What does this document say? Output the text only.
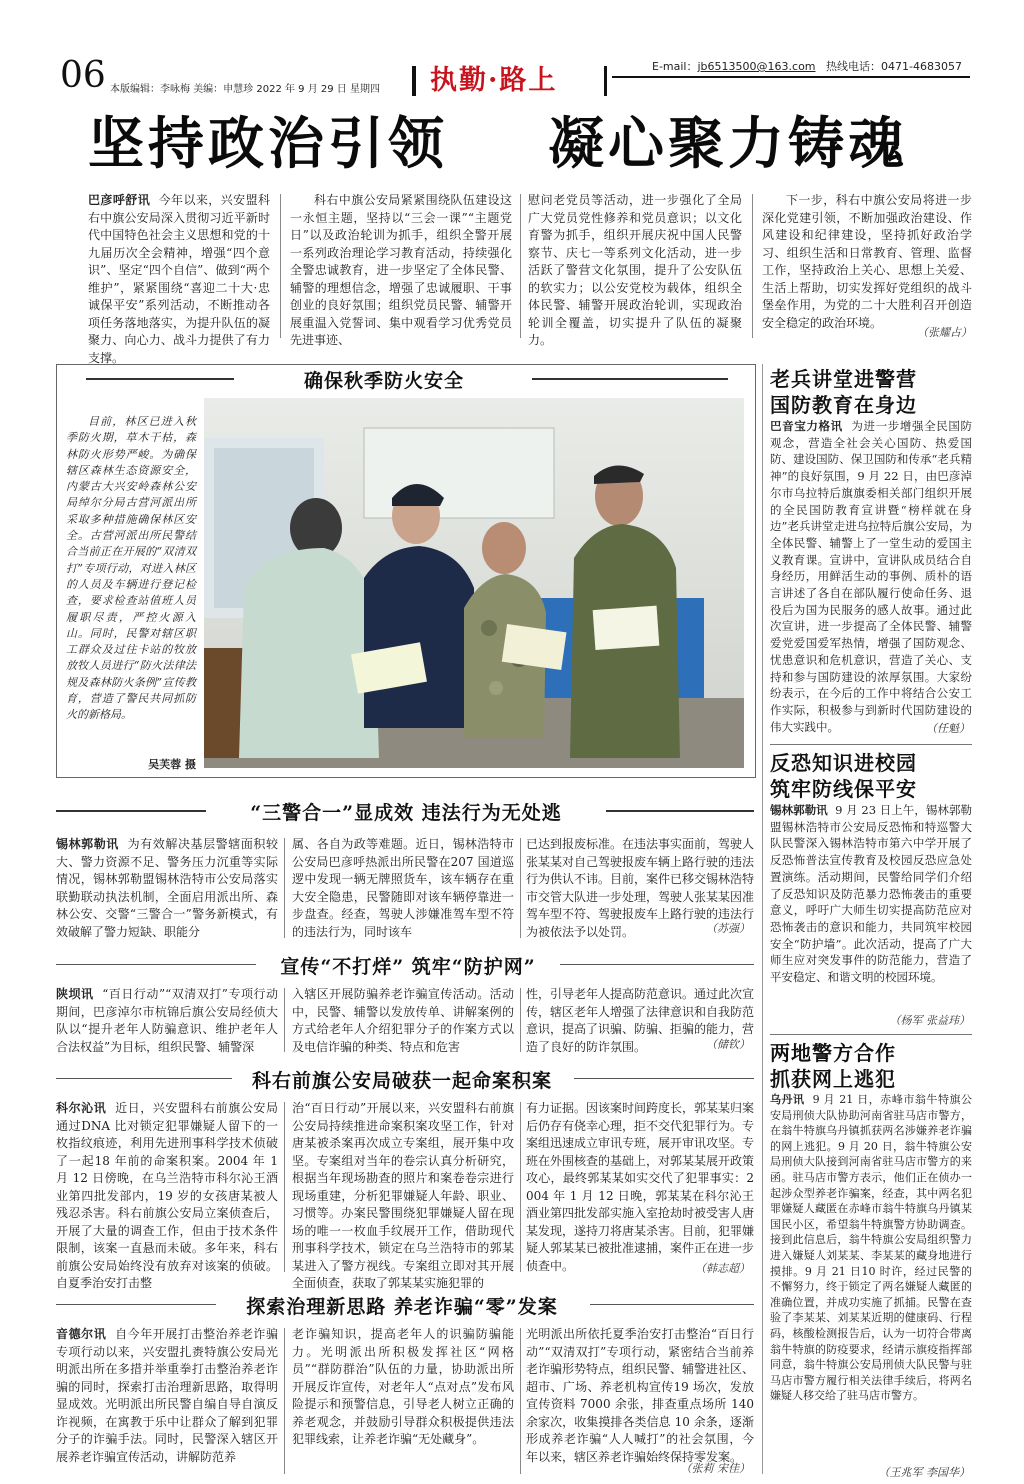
06 本版编辑：李咏梅 美编：申慧珍 2022 年 9 月 29 日 星期四 执勤·路上	E-mail：jb6513500@163.com 热线电话：0471-4683057
坚持政治引领 凝心聚力铸魂
巴彦呼舒讯 今年以来，兴安盟科右中旗公安局深入贯彻习近平新时代中国特色社会主义思想和党的十九届历次全会精神，增强“四个意识”、坚定“四个自信”、做到“两个维护”，紧紧围绕“喜迎二十大·忠诚保平安”系列活动，不断推动各项任务落地落实，为提升队伍的凝聚力、向心力、战斗力提供了有力支撑。
科右中旗公安局紧紧围绕队伍建设这一永恒主题，坚持以“三会一课”“主题党日”以及政治轮训为抓手，组织全警开展一系列政治理论学习教育活动，持续强化全警忠诚教育，进一步坚定了全体民警、辅警的理想信念，增强了忠诚履职、干事创业的良好氛围；组织党员民警、辅警开展重温入党誓词、集中观看学习优秀党员先进事迹、
慰问老党员等活动，进一步强化了全局广大党员党性修养和党员意识；以文化育警为抓手，组织开展庆祝中国人民警察节、庆七一等系列文化活动，进一步活跃了警营文化氛围，提升了公安队伍的软实力；以公安党校为载体，组织全体民警、辅警开展政治轮训，实现政治轮训全覆盖，切实提升了队伍的凝聚力。
下一步，科右中旗公安局将进一步深化党建引领，不断加强政治建设、作风建设和纪律建设，坚持抓好政治学习、组织生活和日常教育、管理、监督工作，坚持政治上关心、思想上关爱、生活上帮助，切实发挥好党组织的战斗堡垒作用，为党的二十大胜利召开创造安全稳定的政治环境。
（张耀占）
确保秋季防火安全
目前，林区已进入秋季防火期，草木干枯，森林防火形势严峻。为确保辖区森林生态资源安全，内蒙古大兴安岭森林公安局绰尔分局古营河派出所采取多种措施确保林区安全。古营河派出所民警结合当前正在开展的“双清双打”专项行动，对进入林区的人员及车辆进行登记检查，要求检查站值班人员履职尽责，严控火源入山。同时，民警对辖区职工群众及过往卡站的牧放放牧人员进行“防火法律法规及森林防火条例”宣传教育，营造了警民共同抓防火的新格局。
吴芙蓉 摄
“三警合一”显成效 违法行为无处逃
锡林郭勒讯 为有效解决基层警辖面积较大、警力资源不足、警务压力沉重等实际情况，锡林郭勒盟锡林浩特市公安局落实联勤联动执法机制，全面启用派出所、森林公安、交警“三警合一”警务新模式，有效破解了警力短缺、职能分
属、各自为政等难题。近日，锡林浩特市公安局巴彦呼热派出所民警在207 国道巡逻中发现一辆无牌照货车，该车辆存在重大安全隐患，民警随即对该车辆停靠进一步盘查。经查，驾驶人涉嫌准驾车型不符的违法行为，同时该车
已达到报废标准。在违法事实面前，驾驶人张某某对自己驾驶报废车辆上路行驶的违法行为供认不讳。目前，案件已移交锡林浩特市交管大队进一步处理，驾驶人张某某因准驾车型不符、驾驶报废车上路行驶的违法行为被依法予以处罚。	（苏强）
宣传“不打烊” 筑牢“防护网”
陕坝讯 “百日行动”“双清双打”专项行动期间，巴彦淖尔市杭锦后旗公安局经侦大队以“提升老年人防骗意识、维护老年人合法权益”为目标，组织民警、辅警深
入辖区开展防骗养老诈骗宣传活动。活动中，民警、辅警以发放传单、讲解案例的方式给老年人介绍犯罪分子的作案方式以及电信诈骗的种类、特点和危害
性，引导老年人提高防范意识。通过此次宣传，辖区老年人增强了法律意识和自我防范意识，提高了识骗、防骗、拒骗的能力，营造了良好的防诈氛围。	（储钦）
科右前旗公安局破获一起命案积案
科尔沁讯 近日，兴安盟科右前旗公安局通过DNA 比对锁定犯罪嫌疑人留下的一枚指纹痕迹，利用先进刑事科学技术侦破了一起18 年前的命案积案。2004 年 1 月 12 日傍晚，在乌兰浩特市科尔沁王酒业第四批发部内，19 岁的女孩唐某被人残忍杀害。科右前旗公安局立案侦查后，开展了大量的调查工作，但由于技术条件限制，该案一直悬而未破。多年来，科右前旗公安局始终没有放弃对该案的侦破。自夏季治安打击整
治“百日行动”开展以来，兴安盟科右前旗公安局持续推进命案积案攻坚工作，针对唐某被杀案再次成立专案组，展开集中攻坚。专案组对当年的卷宗认真分析研究，根据当年现场勘查的照片和案卷卷宗进行现场重建，分析犯罪嫌疑人年龄、职业、习惯等。办案民警围绕犯罪嫌疑人留在现场的唯一一枚血手纹展开工作，借助现代刑事科学技术，锁定在乌兰浩特市的郭某某进入了警方视线。专案组立即对其开展全面侦查，获取了郭某某实施犯罪的
有力证据。因该案时间跨度长，郭某某归案后仍存有侥幸心理，拒不交代犯罪行为。专案组迅速成立审讯专班，展开审讯攻坚。专班在外围核查的基础上，对郭某某展开政策攻心，最终郭某某如实交代了犯罪事实：2004 年 1 月 12 日晚，郭某某在科尔沁王酒业第四批发部实施入室抢劫时被受害人唐某发现，遂持刀将唐某杀害。目前，犯罪嫌疑人郭某某已被批准逮捕，案件正在进一步侦查中。	（韩志超）
探索治理新思路 养老诈骗“零”发案
音德尔讯 自今年开展打击整治养老诈骗专项行动以来，兴安盟扎赉特旗公安局光明派出所在多措并举重拳打击整治养老诈骗的同时，探索打击治理新思路，取得明显成效。光明派出所民警自编自导自演反诈视频，在寓教于乐中让群众了解到犯罪分子的诈骗手法。同时，民警深入辖区开展养老诈骗宣传活动，讲解防范养
老诈骗知识，提高老年人的识骗防骗能力。光明派出所积极发挥社区“网格员”“群防群治”队伍的力量，协助派出所开展反诈宣传，对老年人“点对点”发布风险提示和预警信息，引导老人树立正确的养老观念，并鼓励引导群众积极提供违法犯罪线索，让养老诈骗“无处藏身”。
光明派出所依托夏季治安打击整治“百日行动”“双清双打”专项行动，紧密结合当前养老诈骗形势特点，组织民警、辅警进社区、超市、广场、养老机构宣传19 场次，发放宣传资料 7000 余张，排查重点场所 140 余家次，收集摸排各类信息 10 余条，逐渐形成养老诈骗“人人喊打”的社会氛围，今年以来，辖区养老诈骗始终保持零发案。
（张莉 宋佳）
老兵讲堂进警营
国防教育在身边
巴音宝力格讯 为进一步增强全民国防观念，营造全社会关心国防、热爱国防、建设国防、保卫国防和传承“老兵精神”的良好氛围，9 月 22 日，由巴彦淖尔市乌拉特后旗旗委相关部门组织开展的全民国防教育宣讲暨“榜样就在身边”老兵讲堂走进乌拉特后旗公安局，为全体民警、辅警上了一堂生动的爱国主义教育课。宣讲中，宣讲队成员结合自身经历，用鲜活生动的事例、质朴的语言讲述了各自在部队履行使命任务、退役后为国为民服务的感人故事。通过此次宣讲，进一步提高了全体民警、辅警爱党爱国爱军热情，增强了国防观念、忧患意识和危机意识，营造了关心、支持和参与国防建设的浓厚氛围。大家纷纷表示，在今后的工作中将结合公安工作实际，积极参与到新时代国防建设的伟大实践中。	（任魁）
反恐知识进校园
筑牢防线保平安
锡林郭勒讯 9 月 23 日上午，锡林郭勒盟锡林浩特市公安局反恐怖和特巡警大队民警深入锡林浩特市第六中学开展了反恐怖普法宣传教育及校园反恐应急处置演练。活动期间，民警给同学们介绍了反恐知识及防范暴力恐怖袭击的重要意义，呼吁广大师生切实提高防范应对恐怖袭击的意识和能力，共同筑牢校园安全“防护墙”。此次活动，提高了广大师生应对突发事件的防范能力，营造了平安稳定、和谐文明的校园环境。
（杨军 张益玮）
两地警方合作
抓获网上逃犯
乌丹讯 9 月 21 日，赤峰市翁牛特旗公安局刑侦大队协助河南省驻马店市警方，在翁牛特旗乌丹镇抓获两名涉嫌养老诈骗的网上逃犯。9 月 20 日，翁牛特旗公安局刑侦大队接到河南省驻马店市警方的来函。驻马店市警方表示，他们正在侦办一起涉众型养老诈骗案，经查，其中两名犯罪嫌疑人藏匿在赤峰市翁牛特旗乌丹镇某国民小区，希望翁牛特旗警方协助调查。接到此信息后，翁牛特旗公安局组织警力进入嫌疑人刘某某、李某某的藏身地进行摸排。9 月 21 日10 时许，经过民警的不懈努力，终于锁定了两名嫌疑人藏匿的准确位置，并成功实施了抓捕。民警在查验了李某某、刘某某近期的健康码、行程码，核酸检测报告后，认为一切符合带离翁牛特旗的防疫要求，经请示旗疫指挥部同意，翁牛特旗公安局刑侦大队民警与驻马店市警方履行相关法律手续后，将两名嫌疑人移交给了驻马店市警方。
（王兆军 李国华）
